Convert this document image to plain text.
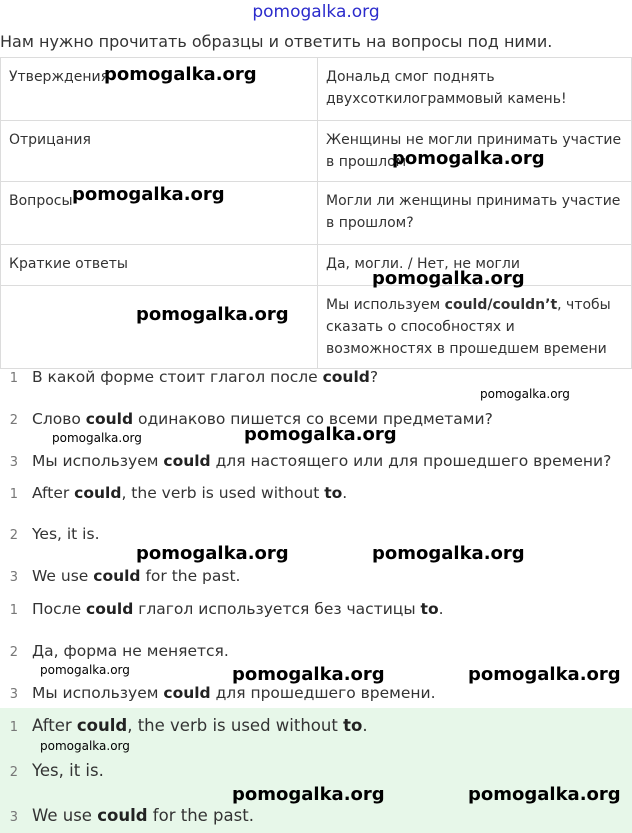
pomogalka.org
Нам нужно прочитать образцы и ответить на вопросы под ними.
Утверждения	Дональд смог поднять двухсоткилограммовый камень!
Отрицания	Женщины не могли принимать участие в прошлом
Вопросы	Могли ли женщины принимать участие в прошлом?
Краткие ответы	Да, могли. / Нет, не могли
	Мы используем could/couldn’t, чтобы сказать о способностях и возможностях в прошедшем времени
1 В какой форме стоит глагол после could?
2 Слово could одинаково пишется со всеми предметами?
3 Мы используем could для настоящего или для прошедшего времени?
1 After could, the verb is used without to.
2 Yes, it is.
3 We use could for the past.
1 После could глагол используется без частицы to.
2 Да, форма не меняется.
3 Мы используем could для прошедшего времени.
1 After could, the verb is used without to.
2 Yes, it is.
3 We use could for the past.
pomogalka.org
pomogalka.org
pomogalka.org
pomogalka.org
pomogalka.org
pomogalka.org
pomogalka.org	pomogalka.org
pomogalka.org	pomogalka.org
pomogalka.org	pomogalka.org	pomogalka.org
pomogalka.org
pomogalka.org	pomogalka.org
